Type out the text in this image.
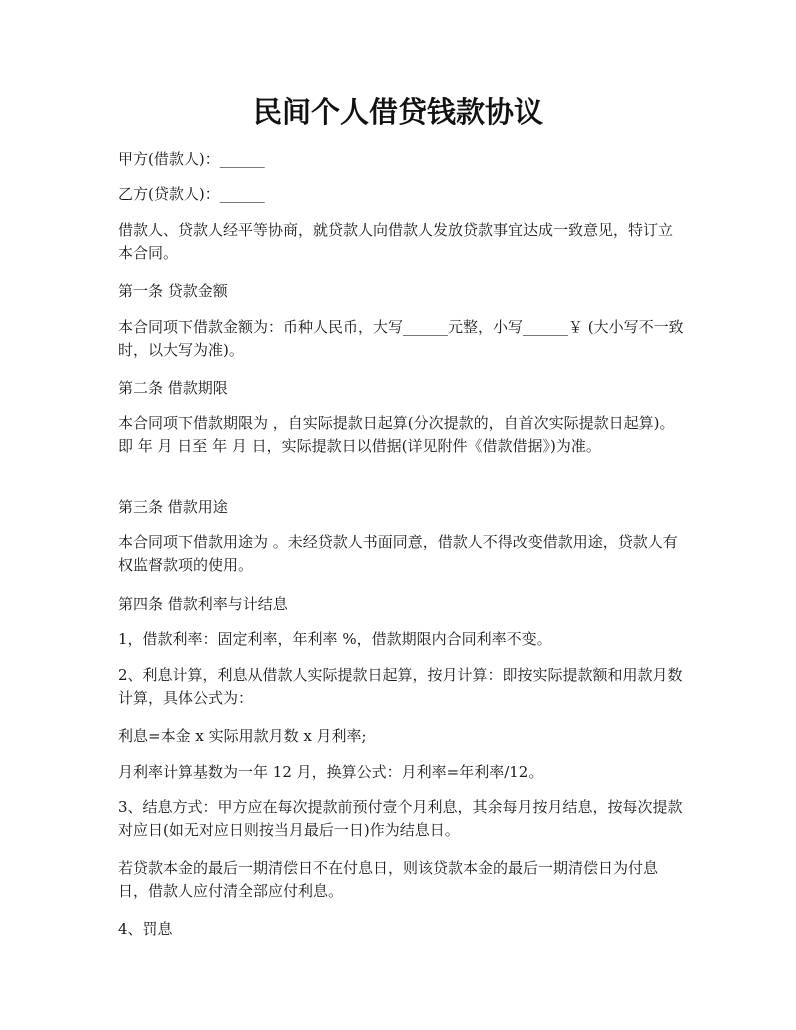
民间个人借贷钱款协议

甲方(借款人)：______

乙方(贷款人)：______

借款人、贷款人经平等协商，就贷款人向借款人发放贷款事宜达成一致意见，特订立本合同。

第一条 贷款金额

本合同项下借款金额为：币种人民币，大写______元整，小写______￥ (大小写不一致时，以大写为准)。

第二条 借款期限

本合同项下借款期限为 ，自实际提款日起算(分次提款的，自首次实际提款日起算)。即 年 月 日至 年 月 日，实际提款日以借据(详见附件《借款借据》)为准。

第三条 借款用途

本合同项下借款用途为 。未经贷款人书面同意，借款人不得改变借款用途，贷款人有权监督款项的使用。

第四条 借款利率与计结息

1，借款利率：固定利率，年利率 %，借款期限内合同利率不变。

2、利息计算，利息从借款人实际提款日起算，按月计算：即按实际提款额和用款月数计算，具体公式为：

利息=本金 x 实际用款月数 x 月利率;

月利率计算基数为一年 12 月，换算公式：月利率=年利率/12。

3、结息方式：甲方应在每次提款前预付壹个月利息，其余每月按月结息，按每次提款对应日(如无对应日则按当月最后一日)作为结息日。

若贷款本金的最后一期清偿日不在付息日，则该贷款本金的最后一期清偿日为付息日，借款人应付清全部应付利息。

4、罚息
